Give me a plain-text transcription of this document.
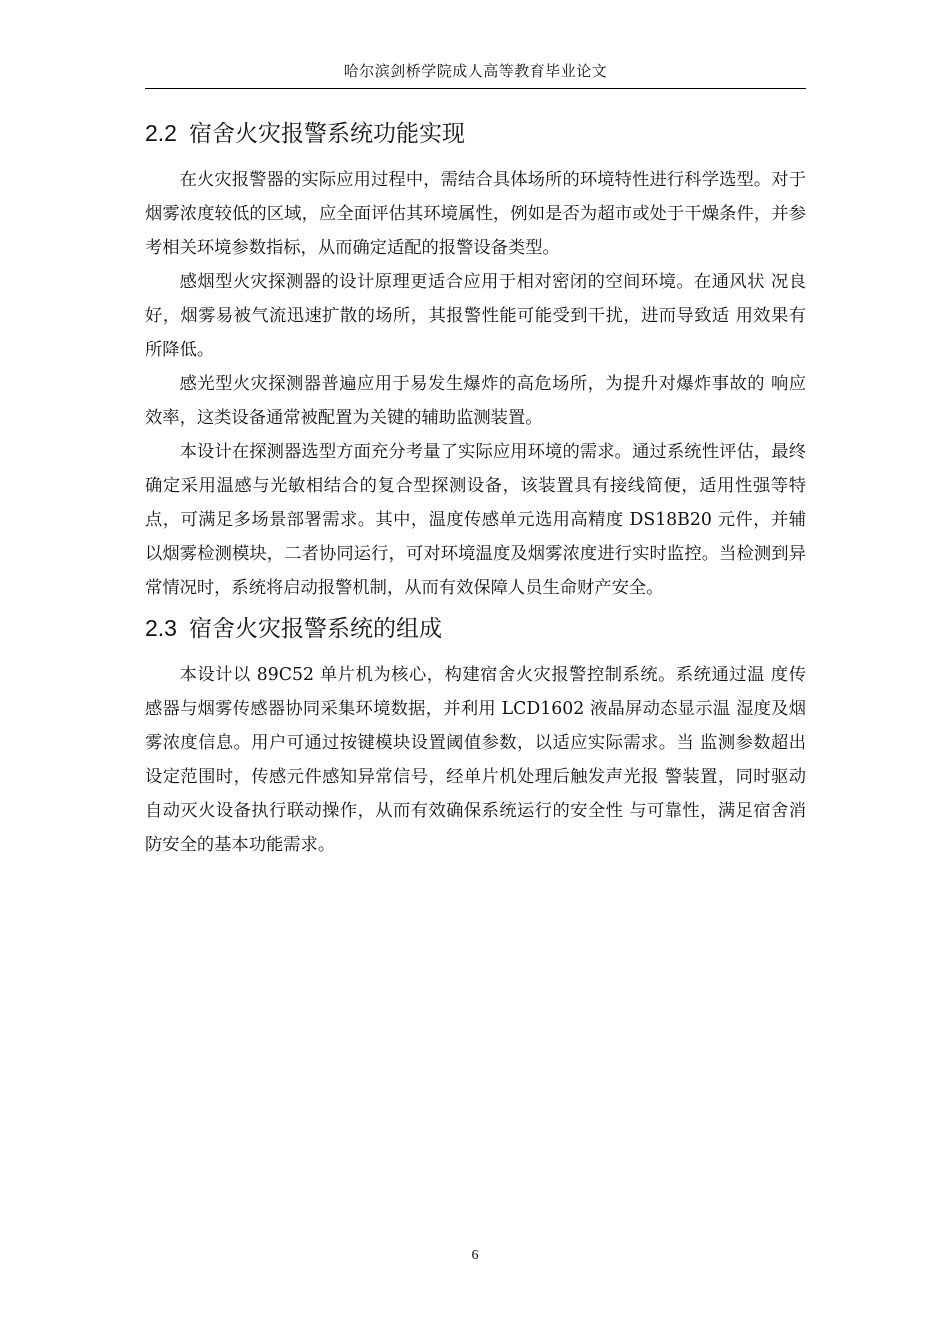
哈尔滨剑桥学院成人高等教育毕业论文
2.2 宿舍火灾报警系统功能实现

在火灾报警器的实际应用过程中，需结合具体场所的环境特性进行科学选型。对于烟雾浓度较低的区域，应全面评估其环境属性，例如是否为超市或处于干燥条件，并参考相关环境参数指标，从而确定适配的报警设备类型。

感烟型火灾探测器的设计原理更适合应用于相对密闭的空间环境。在通风状 况良好，烟雾易被气流迅速扩散的场所，其报警性能可能受到干扰，进而导致适 用效果有所降低。

感光型火灾探测器普遍应用于易发生爆炸的高危场所，为提升对爆炸事故的 响应效率，这类设备通常被配置为关键的辅助监测装置。

本设计在探测器选型方面充分考量了实际应用环境的需求。通过系统性评估，最终确定采用温感与光敏相结合的复合型探测设备，该装置具有接线简便，适用性强等特点，可满足多场景部署需求。其中，温度传感单元选用高精度 DS18B20 元件，并辅以烟雾检测模块，二者协同运行，可对环境温度及烟雾浓度进行实时监控。当检测到异常情况时，系统将启动报警机制，从而有效保障人员生命财产安全。

2.3 宿舍火灾报警系统的组成

本设计以 89C52 单片机为核心，构建宿舍火灾报警控制系统。系统通过温 度传感器与烟雾传感器协同采集环境数据，并利用 LCD1602 液晶屏动态显示温 湿度及烟雾浓度信息。用户可通过按键模块设置阈值参数，以适应实际需求。当 监测参数超出设定范围时，传感元件感知异常信号，经单片机处理后触发声光报 警装置，同时驱动自动灭火设备执行联动操作，从而有效确保系统运行的安全性 与可靠性，满足宿舍消防安全的基本功能需求。

6
